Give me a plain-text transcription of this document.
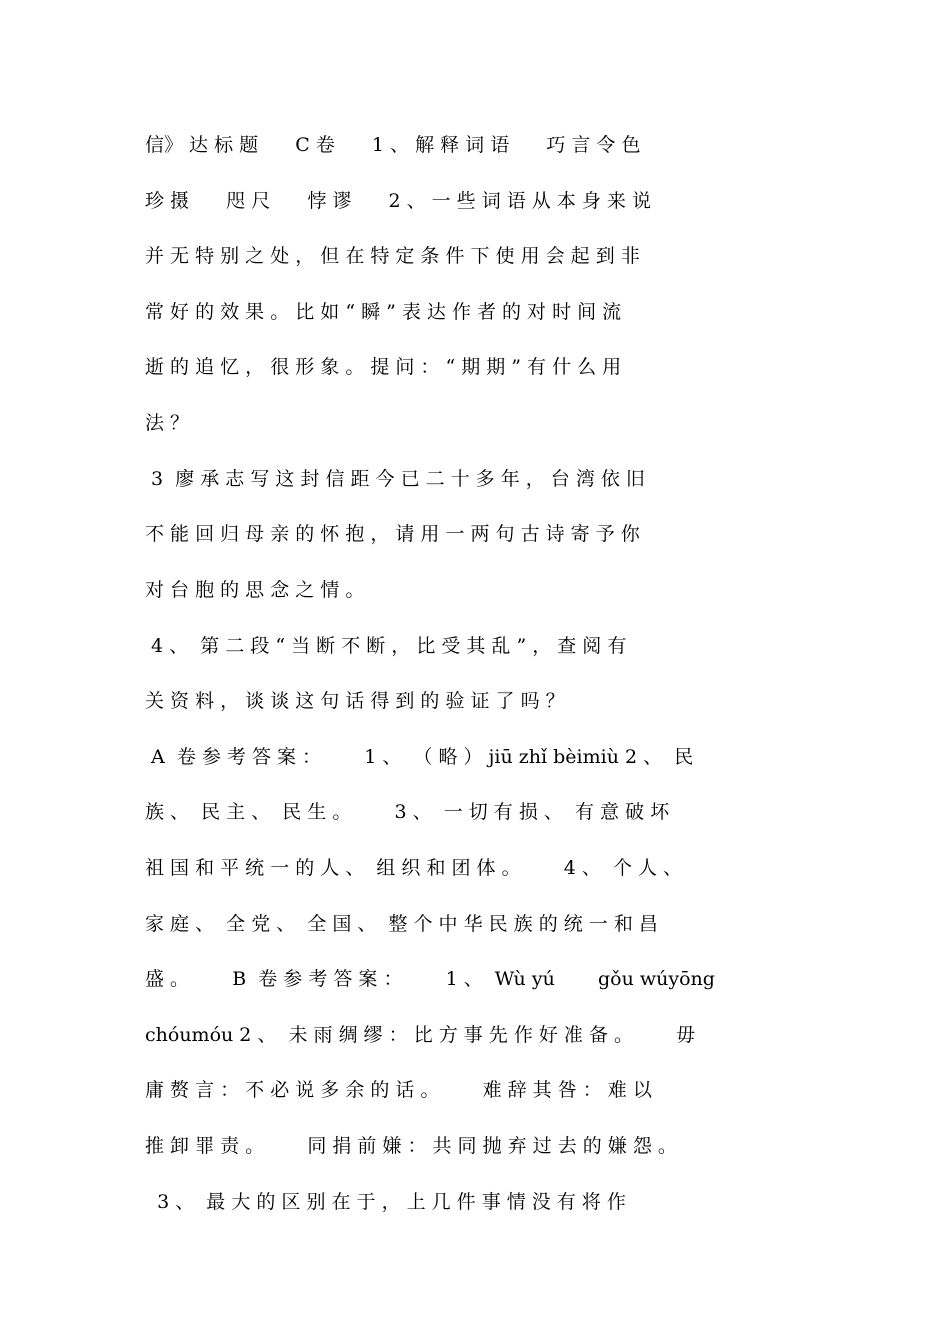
信》 达 标 题  　 C 卷  　 1 、 解 释 词 语  　 巧 言 令 色
珍 摄  　 咫 尺  　 悖 谬  　 2 、 一 些 词 语 从 本 身 来 说
并 无 特 别 之 处 ， 但 在 特 定 条 件 下 使 用 会 起 到 非
常 好 的 效 果 。 比 如 “ 瞬 ” 表 达 作 者 的 对 时 间 流
逝 的 追 忆 ， 很 形 象 。 提 问 ： “ 期 期 ” 有 什 么 用
法 ？
3  廖 承 志 写 这 封 信 距 今 已 二 十 多 年 ， 台 湾 依 旧
不 能 回 归 母 亲 的 怀 抱 ， 请 用 一 两 句 古 诗 寄 予 你
对 台 胞 的 思 念 之 情 。
4 、  第 二 段 “ 当 断 不 断 ， 比 受 其 乱 ” ， 查 阅 有
关 资 料 ， 谈 谈 这 句 话 得 到 的 验 证 了 吗 ？
A  卷 参 考 答 案 ：  　  1 、  （ 略 ） jiū zhǐ bèimiù 2 、  民
族 、  民 主 、  民 生 。  　  3 、  一 切 有 损 、  有 意 破 坏
祖 国 和 平 统 一 的 人 、  组 织 和 团 体 。  　  4 、  个 人 、
家 庭 、  全 党 、  全 国 、  整 个 中 华 民 族 的 统 一 和 昌
盛 。  　  B  卷 参 考 答 案 ：  　  1 、  Wù yú  　  gǒu wúyōng
chóumóu 2 、  未 雨 绸 缪 ： 比 方 事 先 作 好 准 备 。  　  毋
庸 赘 言 ： 不 必 说 多 余 的 话 。  　  难 辞 其 咎 ： 难 以
推 卸 罪 责 。  　  同 捐 前 嫌 ： 共 同 抛 弃 过 去 的 嫌 怨 。
3 、  最 大 的 区 别 在 于 ， 上 几 件 事 情 没 有 将 作
